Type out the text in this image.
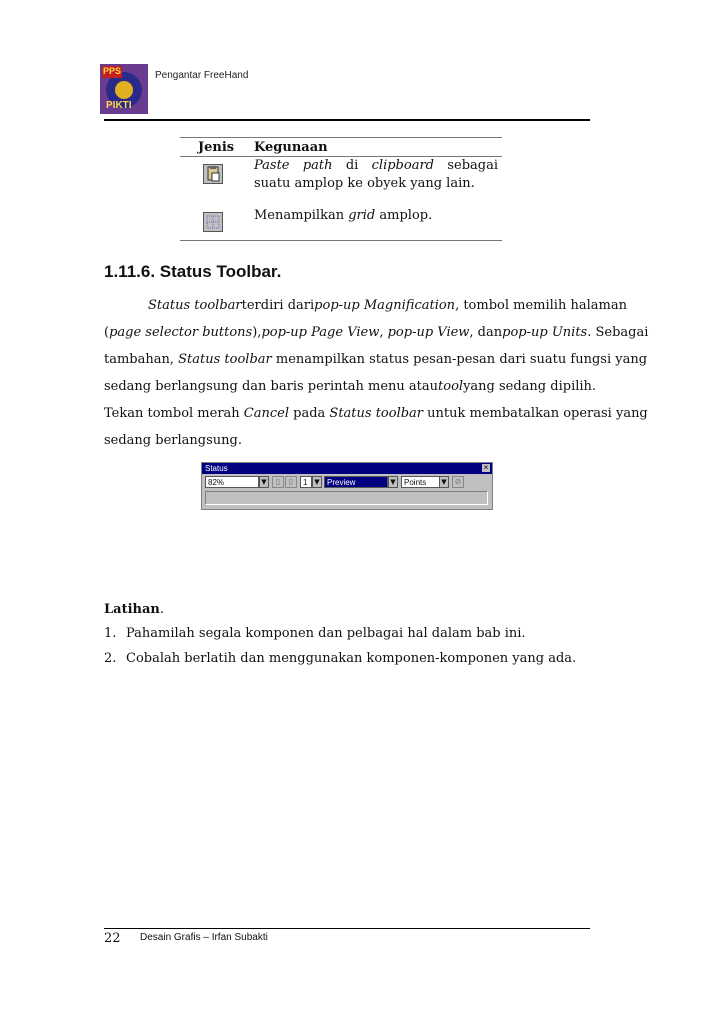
PPS
PIKTI
Pengantar FreeHand
Jenis Kegunaan
Paste path di clipboard sebagai suatu amplop ke obyek yang lain.
Menampilkan grid amplop.
1.11.6. Status Toolbar.
Status toolbar terdiri dari pop-up Magnification, tombol memilih halaman
(page selector buttons), pop-up Page View , pop-up View , dan pop-up Units . Sebagai
tambahan, Status toolbar menampilkan status pesan-pesan dari suatu fungsi yang
sedang berlangsung dan baris perintah menu atau tool yang sedang dipilih.
Tekan tombol merah Cancel pada Status toolbar untuk membatalkan operasi yang
sedang berlangsung.
Status	×
82%	▼	▯	▯	1 ▼ Preview	▼	Points	▼ ⊘
Latihan.
1. Pahamilah segala komponen dan pelbagai hal dalam bab ini.
2. Cobalah berlatih dan menggunakan komponen-komponen yang ada.
22 Desain Grafis – Irfan Subakti
